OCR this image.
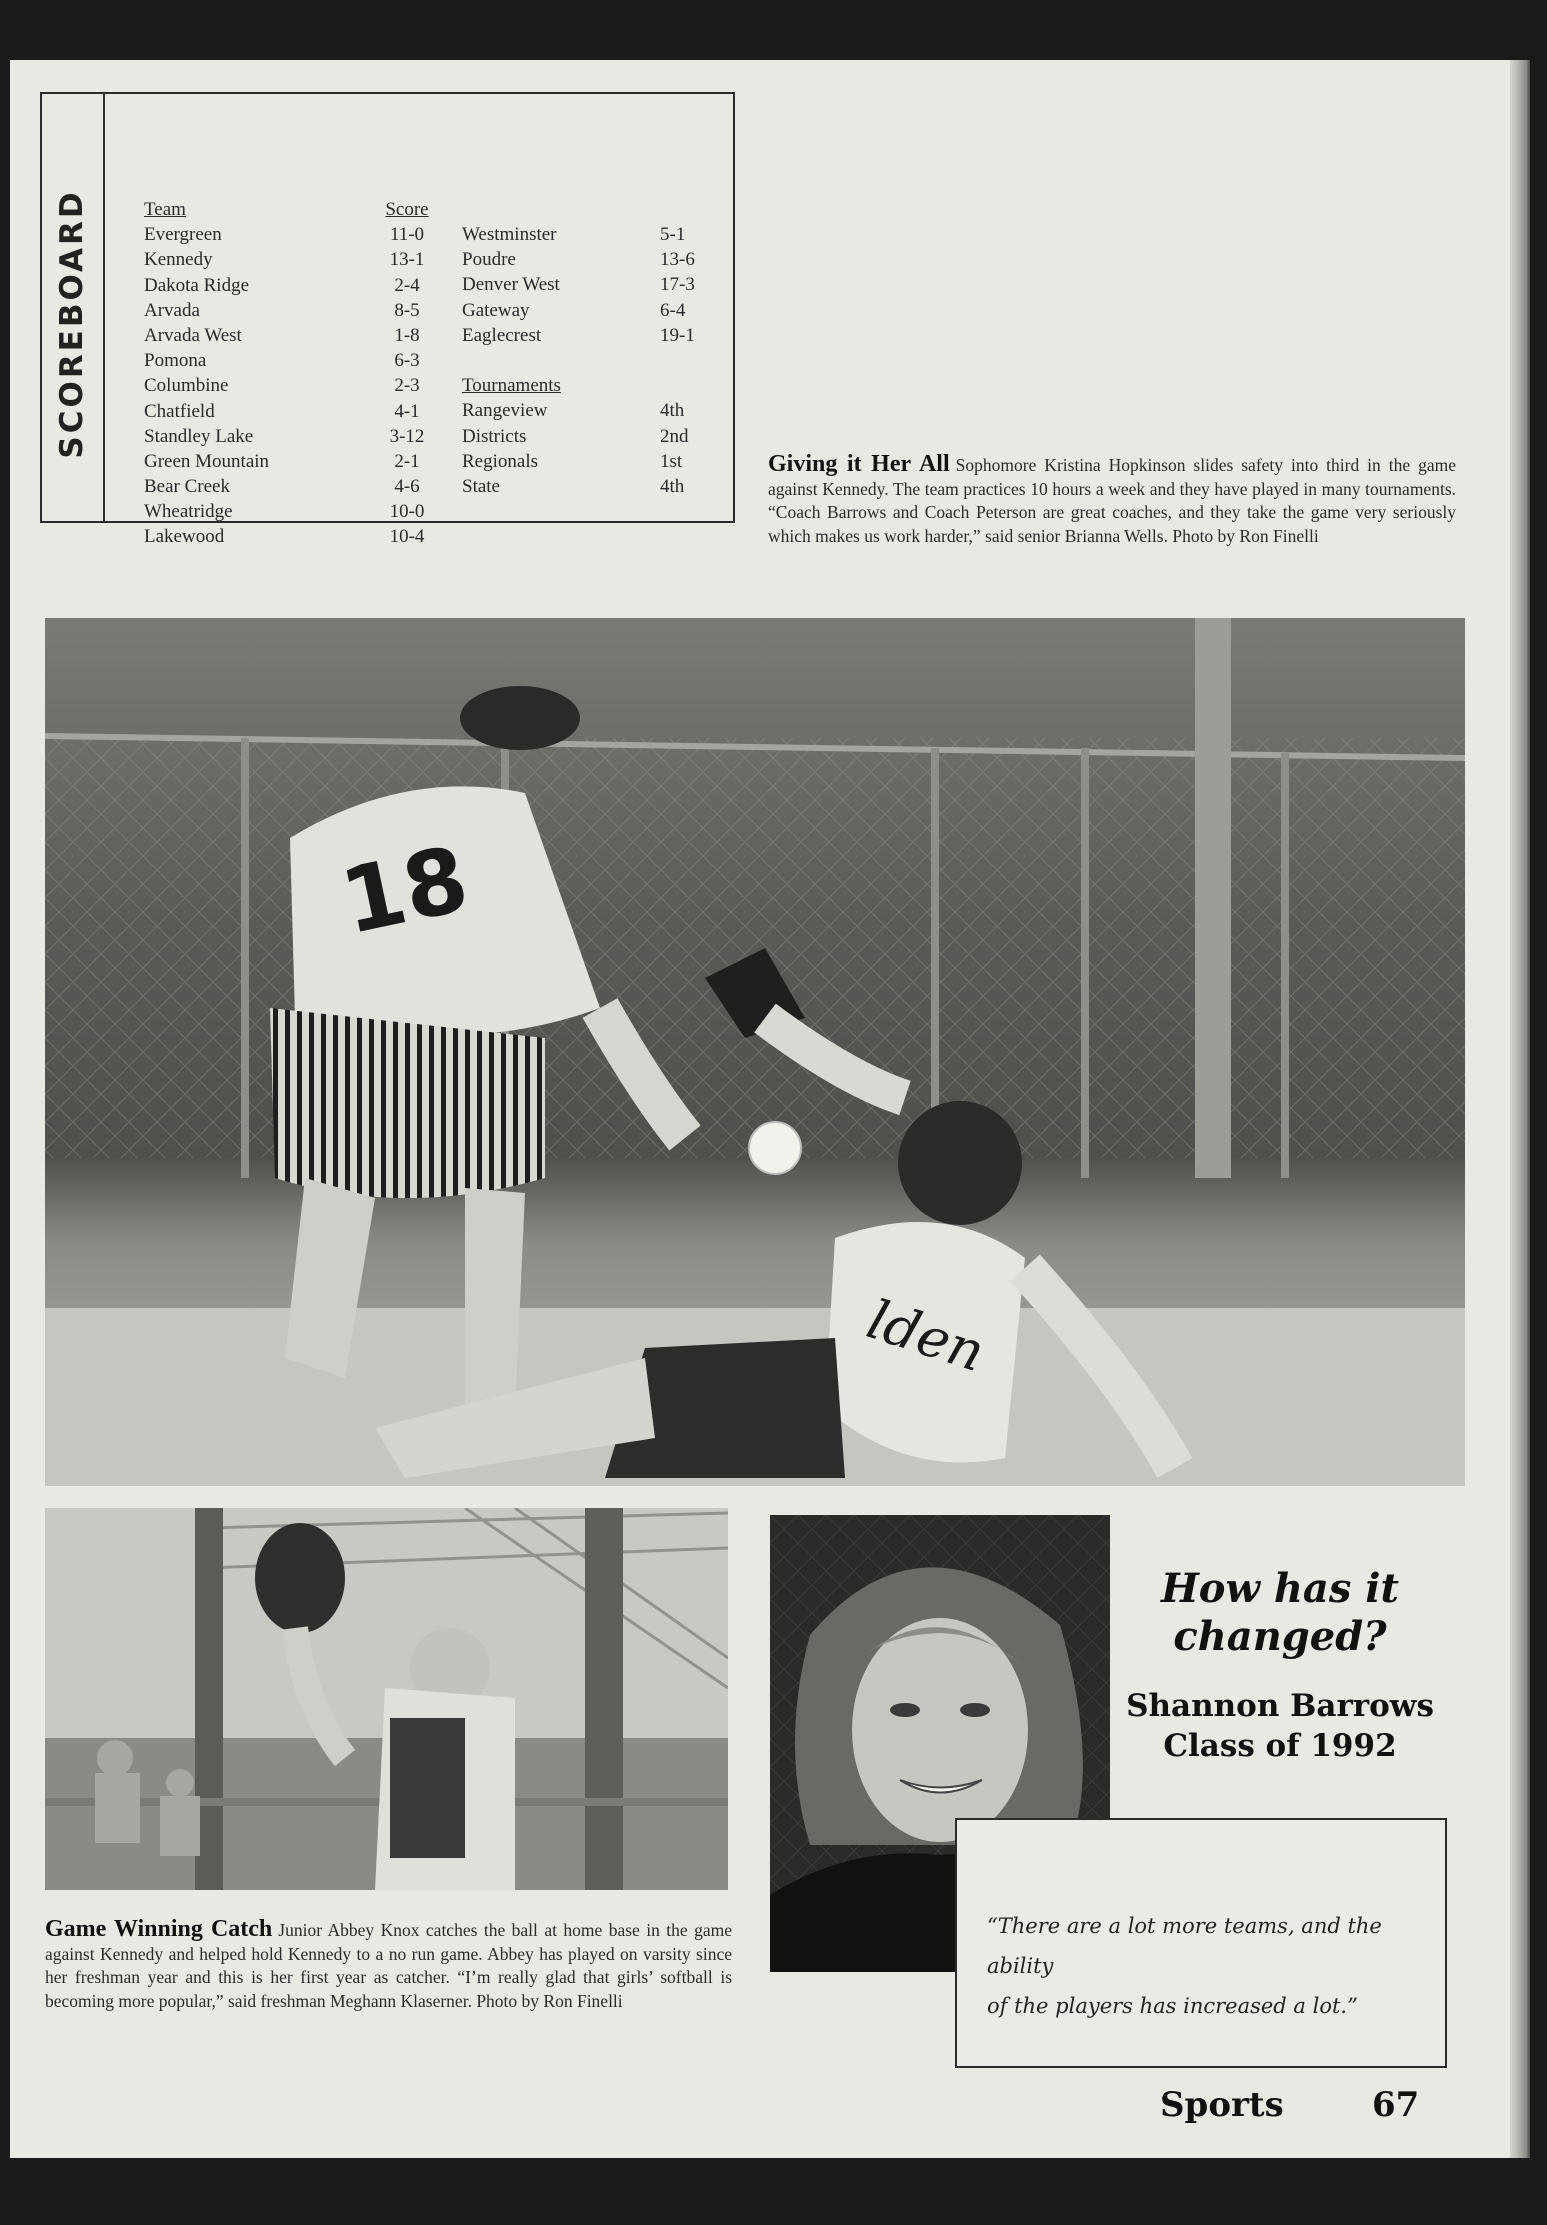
SCOREBOARD	Team
Evergreen
Kennedy
Dakota Ridge
Arvada
Arvada West
Pomona
Columbine
Chatfield
Standley Lake
Green Mountain
Bear Creek
Wheatridge
Lakewood
Score
11-0
13-1
2-4
8-5
1-8
6-3
2-3
4-1
3-12
2-1
4-6
10-0
10-4
Westminster
Poudre
Denver West
Gateway
Eaglecrest
Tournaments
Rangeview
Districts
Regionals
State
5-1
13-6
17-3
6-4
19-1
4th
2nd
1st
4th
Giving it Her All Sophomore Kristina Hopkinson slides safety into third in the game against Kennedy. The team practices 10 hours a week and they have played in many tournaments. “Coach Barrows and Coach Peterson are great coaches, and they take the game very seriously which makes us work harder,” said senior Brianna Wells. Photo by Ron Finelli
18
lden
Game Winning Catch Junior Abbey Knox catches the ball at home base in the game against Kennedy and helped hold Kennedy to a no run game. Abbey has played on varsity since her freshman year and this is her first year as catcher. “I’m really glad that girls’ softball is becoming more popular,” said freshman Meghann Klaserner. Photo by Ron Finelli
How has it
changed?
Shannon Barrows
Class of 1992
“There are a lot more teams, and the ability
of the players has increased a lot.”
Sports	67
